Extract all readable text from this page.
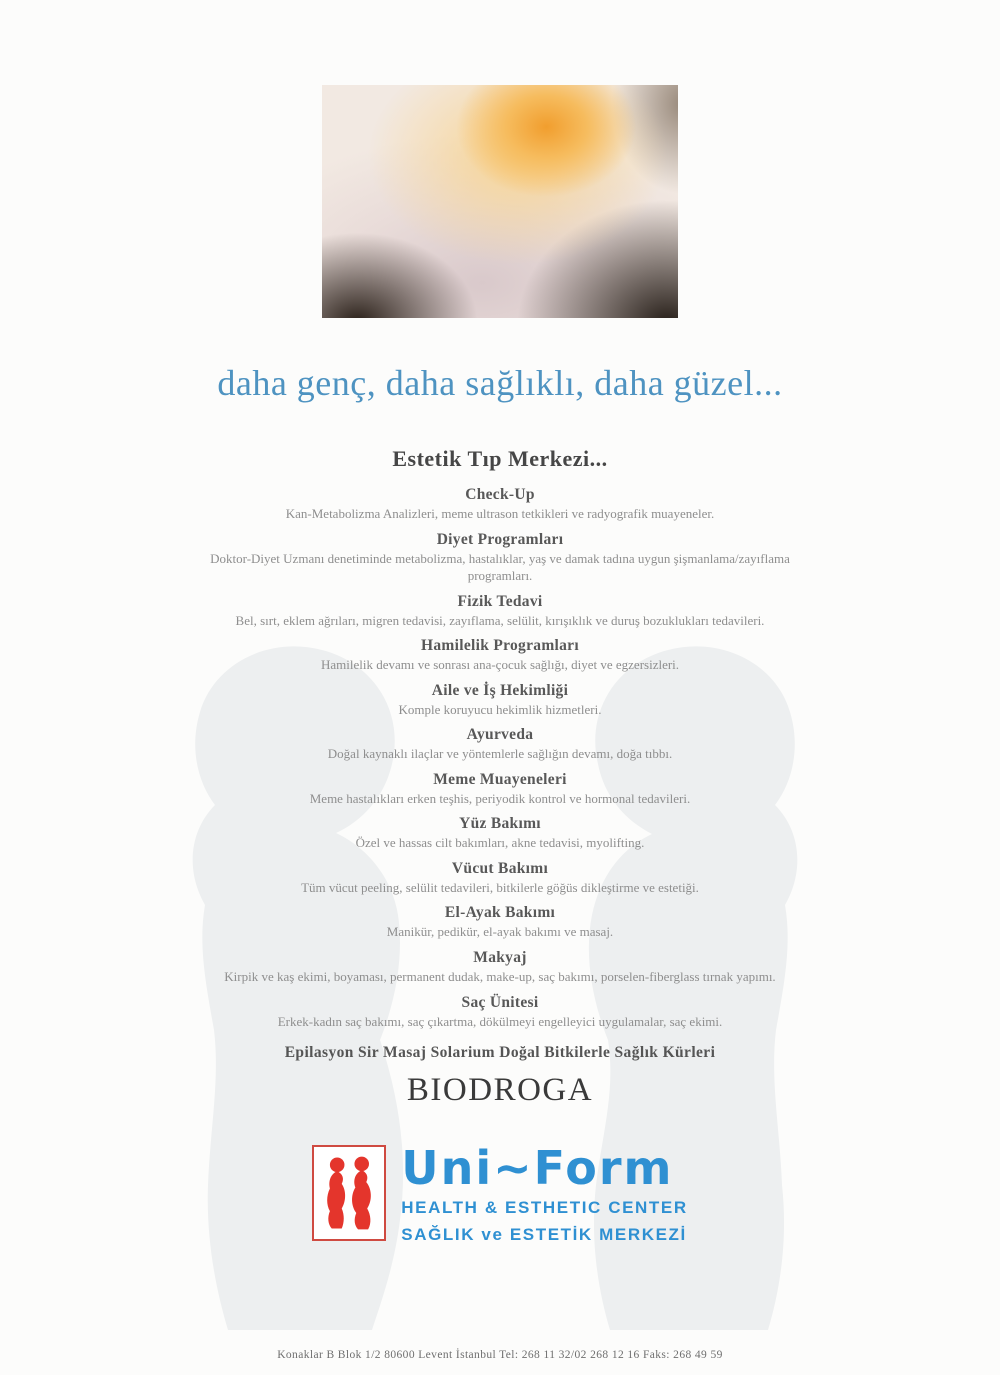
daha genç, daha sağlıklı, daha güzel...
Estetik Tıp Merkezi...
Check-Up
Kan-Metabolizma Analizleri, meme ultrason tetkikleri ve radyografik muayeneler.
Diyet Programları
Doktor-Diyet Uzmanı denetiminde metabolizma, hastalıklar, yaş ve damak tadına uygun şişmanlama/zayıflama programları.
Fizik Tedavi
Bel, sırt, eklem ağrıları, migren tedavisi, zayıflama, selülit, kırışıklık ve duruş bozuklukları tedavileri.
Hamilelik Programları
Hamilelik devamı ve sonrası ana-çocuk sağlığı, diyet ve egzersizleri.
Aile ve İş Hekimliği
Komple koruyucu hekimlik hizmetleri.
Ayurveda
Doğal kaynaklı ilaçlar ve yöntemlerle sağlığın devamı, doğa tıbbı.
Meme Muayeneleri
Meme hastalıkları erken teşhis, periyodik kontrol ve hormonal tedavileri.
Yüz Bakımı
Özel ve hassas cilt bakımları, akne tedavisi, myolifting.
Vücut Bakımı
Tüm vücut peeling, selülit tedavileri, bitkilerle göğüs dikleştirme ve estetiği.
El-Ayak Bakımı
Manikür, pedikür, el-ayak bakımı ve masaj.
Makyaj
Kirpik ve kaş ekimi, boyaması, permanent dudak, make-up, saç bakımı, porselen-fiberglass tırnak yapımı.
Saç Ünitesi
Erkek-kadın saç bakımı, saç çıkartma, dökülmeyi engelleyici uygulamalar, saç ekimi.
Epilasyon Sir Masaj Solarium Doğal Bitkilerle Sağlık Kürleri
BIODROGA
Uni~Form
HEALTH & ESTHETIC CENTER
SAĞLIK ve ESTETİK MERKEZİ
Konaklar B Blok 1/2 80600 Levent İstanbul Tel: 268 11 32/02 268 12 16 Faks: 268 49 59
